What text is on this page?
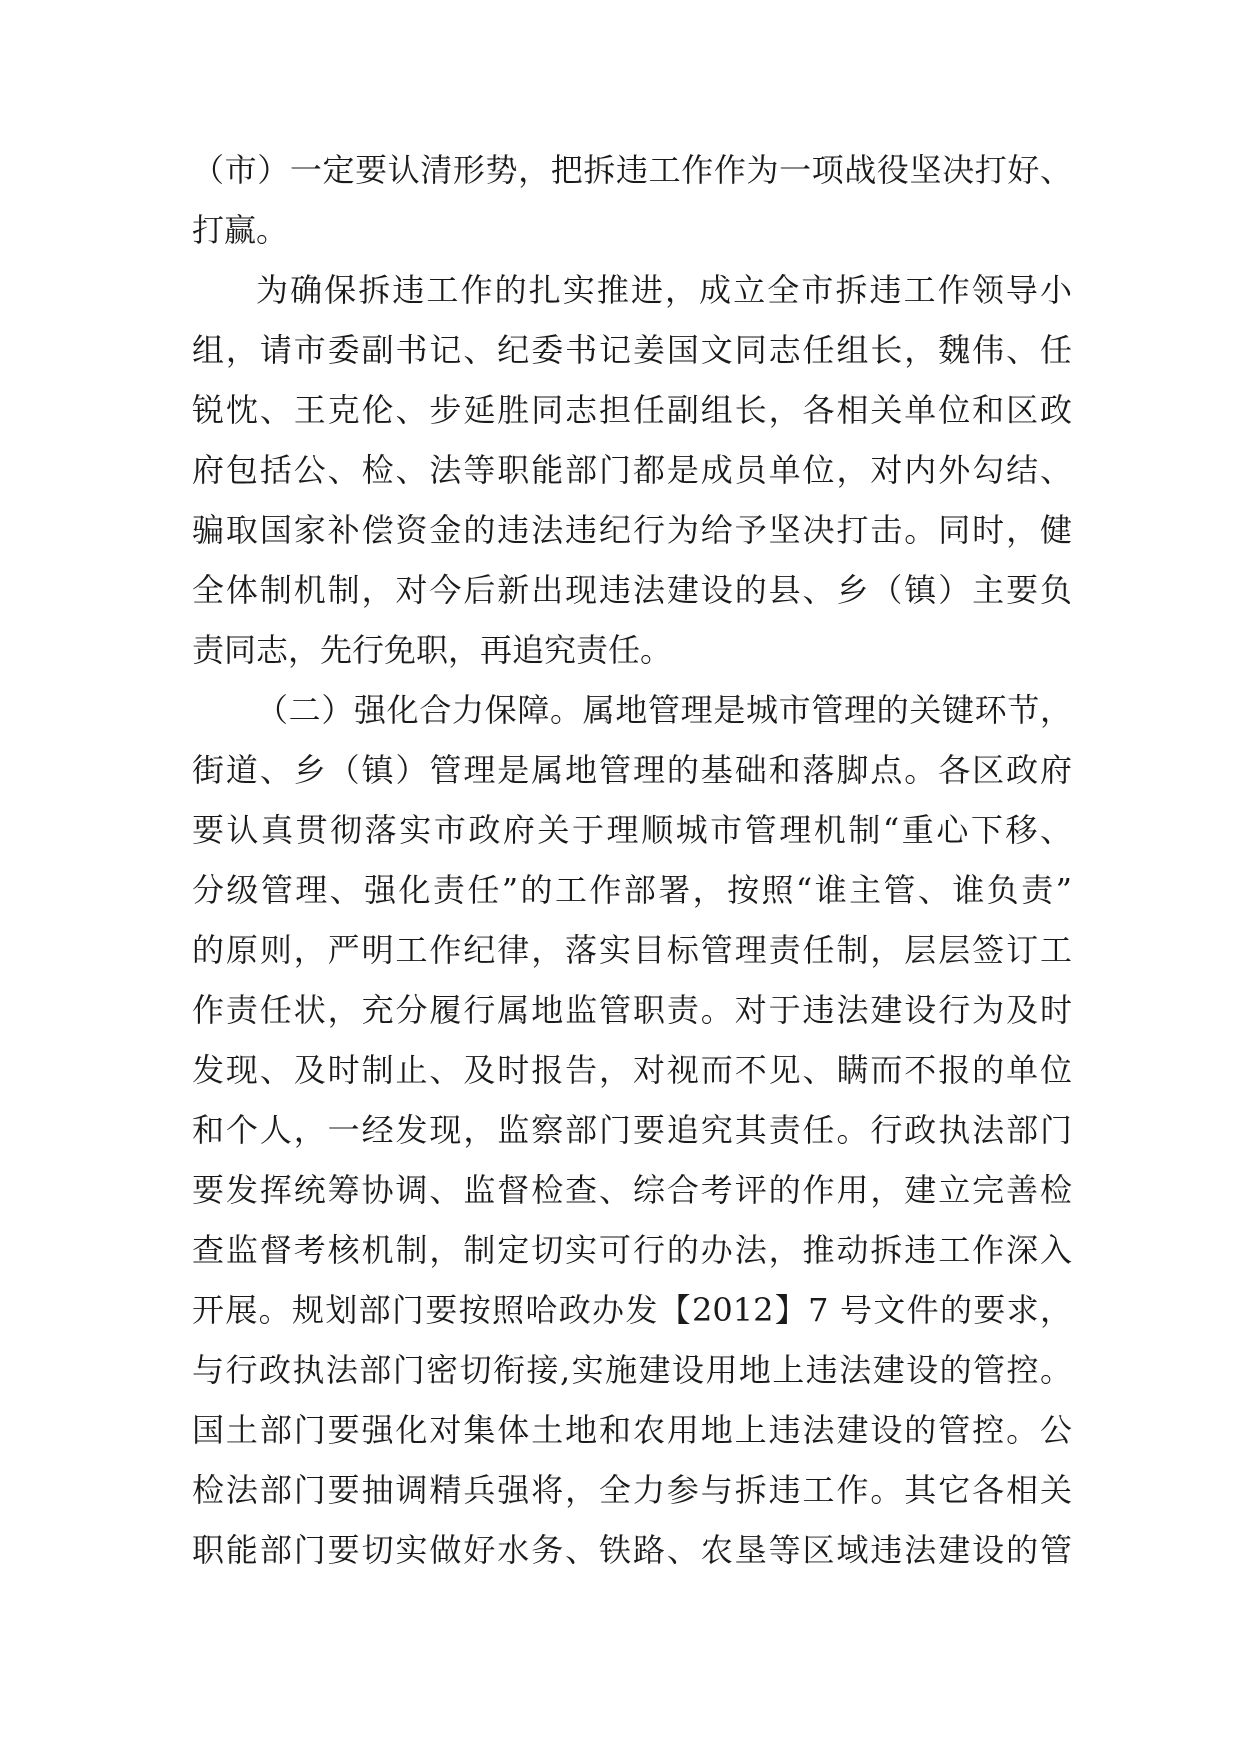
（市）一定要认清形势，把拆违工作作为一项战役坚决打好、
打赢。
为确保拆违工作的扎实推进，成立全市拆违工作领导小
组，请市委副书记、纪委书记姜国文同志任组长，魏伟、任
锐忱、王克伦、步延胜同志担任副组长，各相关单位和区政
府包括公、检、法等职能部门都是成员单位，对内外勾结、
骗取国家补偿资金的违法违纪行为给予坚决打击。同时，健
全体制机制，对今后新出现违法建设的县、乡（镇）主要负
责同志，先行免职，再追究责任。
（二）强化合力保障。属地管理是城市管理的关键环节，
街道、乡（镇）管理是属地管理的基础和落脚点。各区政府
要认真贯彻落实市政府关于理顺城市管理机制“重心下移、
分级管理、强化责任”的工作部署，按照“谁主管、谁负责”
的原则，严明工作纪律，落实目标管理责任制，层层签订工
作责任状，充分履行属地监管职责。对于违法建设行为及时
发现、及时制止、及时报告，对视而不见、瞒而不报的单位
和个人，一经发现，监察部门要追究其责任。行政执法部门
要发挥统筹协调、监督检查、综合考评的作用，建立完善检
查监督考核机制，制定切实可行的办法，推动拆违工作深入
开展。规划部门要按照哈政办发【2012】7 号文件的要求，
与行政执法部门密切衔接,实施建设用地上违法建设的管控。
国土部门要强化对集体土地和农用地上违法建设的管控。公
检法部门要抽调精兵强将，全力参与拆违工作。其它各相关
职能部门要切实做好水务、铁路、农垦等区域违法建设的管
